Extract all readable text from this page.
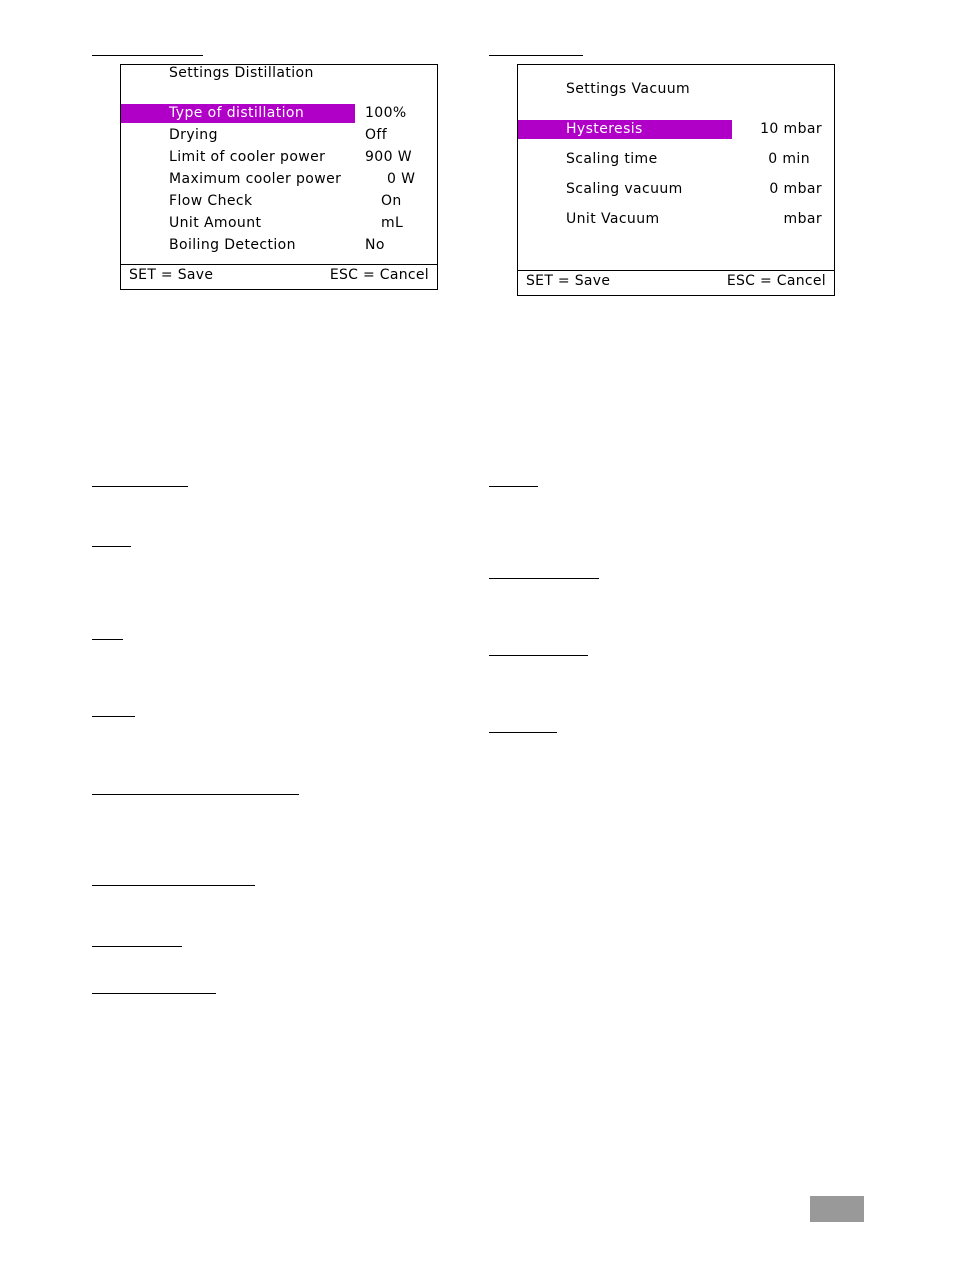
Settings Distillation
Type of distillation	100%
Drying	Off
Limit of cooler power	900 W
Maximum cooler power	0 W
Flow Check	On
Unit Amount	mL
Boiling Detection	No
SET = Save	ESC = Cancel
Settings Vacuum
Hysteresis	10 mbar
Scaling time	0 min
Scaling vacuum	0 mbar
Unit Vacuum	mbar
SET = Save	ESC = Cancel
